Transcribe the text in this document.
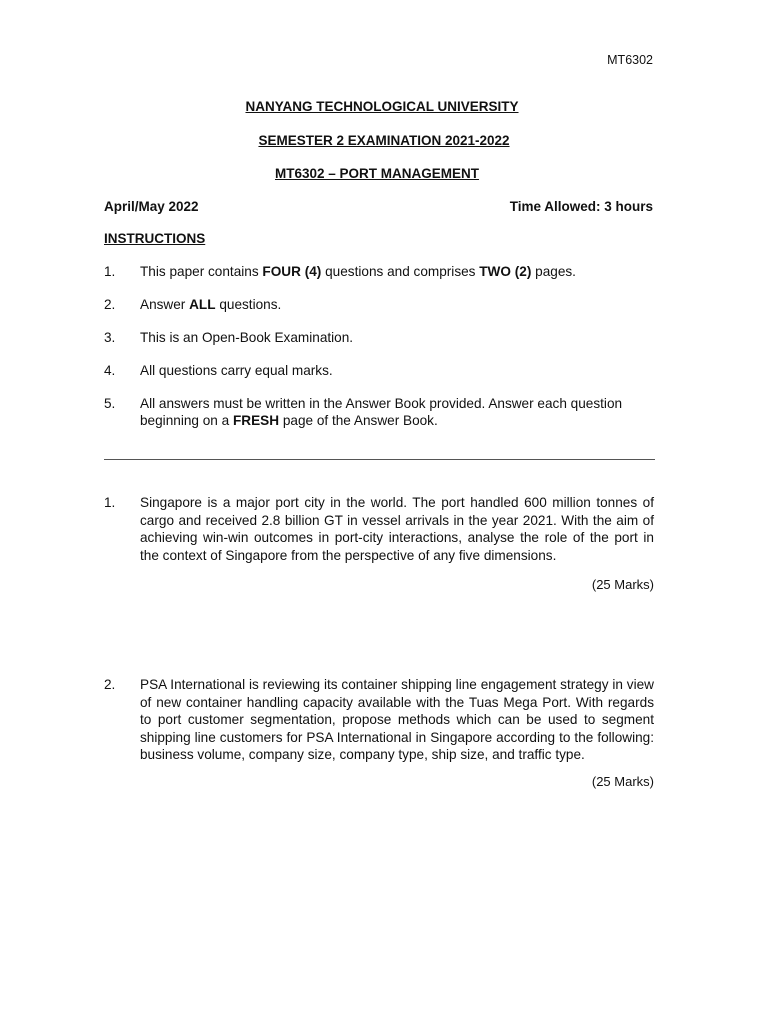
MT6302
NANYANG TECHNOLOGICAL UNIVERSITY
SEMESTER 2 EXAMINATION 2021-2022
MT6302 – PORT MANAGEMENT
April/May 2022	Time Allowed: 3 hours
INSTRUCTIONS
1. This paper contains FOUR (4) questions and comprises TWO (2) pages.
2. Answer ALL questions.
3. This is an Open-Book Examination.
4. All questions carry equal marks.
5. All answers must be written in the Answer Book provided. Answer each question beginning on a FRESH page of the Answer Book.
1. Singapore is a major port city in the world. The port handled 600 million tonnes of cargo and received 2.8 billion GT in vessel arrivals in the year 2021. With the aim of achieving win-win outcomes in port-city interactions, analyse the role of the port in the context of Singapore from the perspective of any five dimensions.
(25 Marks)
2. PSA International is reviewing its container shipping line engagement strategy in view of new container handling capacity available with the Tuas Mega Port. With regards to port customer segmentation, propose methods which can be used to segment shipping line customers for PSA International in Singapore according to the following: business volume, company size, company type, ship size, and traffic type.
(25 Marks)
